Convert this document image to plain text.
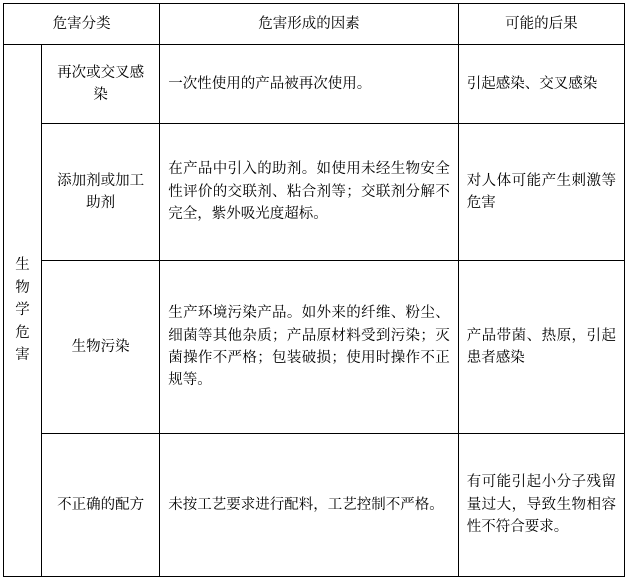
危害分类		危害形成的因素	可能的后果
生物学危害	再次或交叉感染	一次性使用的产品被再次使用。	引起感染、交叉感染
	添加剂或加工助剂	在产品中引入的助剂。如使用未经生物安全性评价的交联剂、粘合剂等；交联剂分解不完全，紫外吸光度超标。	对人体可能产生刺激等危害
	生物污染	生产环境污染产品。如外来的纤维、粉尘、细菌等其他杂质；产品原材料受到污染；灭菌操作不严格；包装破损；使用时操作不正规等。	产品带菌、热原，引起患者感染
	不正确的配方	未按工艺要求进行配料，工艺控制不严格。	有可能引起小分子残留量过大，导致生物相容性不符合要求。
